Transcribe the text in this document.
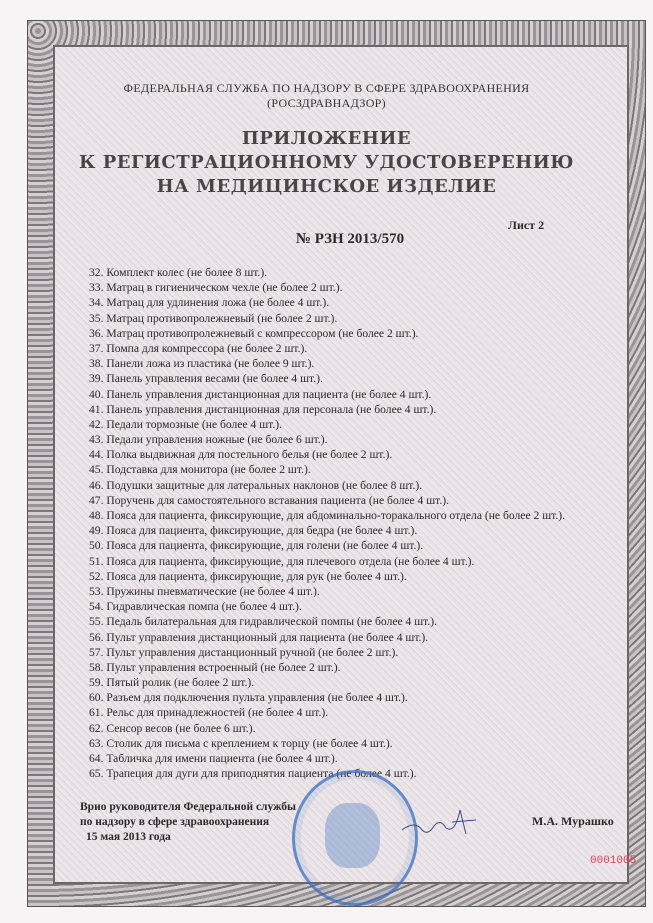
ФЕДЕРАЛЬНАЯ СЛУЖБА ПО НАДЗОРУ В СФЕРЕ ЗДРАВООХРАНЕНИЯ
(РОСЗДРАВНАДЗОР)
ПРИЛОЖЕНИЕ
К РЕГИСТРАЦИОННОМУ УДОСТОВЕРЕНИЮ
НА МЕДИЦИНСКОЕ ИЗДЕЛИЕ
Лист 2
№ РЗН 2013/570
32. Комплект колес (не более 8 шт.).
33. Матрац в гигиеническом чехле (не более 2 шт.).
34. Матрац для удлинения ложа (не более 4 шт.).
35. Матрац противопролежневый (не более 2 шт.).
36. Матрац противопролежневый с компрессором (не более 2 шт.).
37. Помпа для компрессора (не более 2 шт.).
38. Панели ложа из пластика (не более 9 шт.).
39. Панель управления весами (не более 4 шт.).
40. Панель управления дистанционная для пациента (не более 4 шт.).
41. Панель управления дистанционная для персонала (не более 4 шт.).
42. Педали тормозные (не более 4 шт.).
43. Педали управления ножные (не более 6 шт.).
44. Полка выдвижная для постельного белья (не более 2 шт.).
45. Подставка для монитора (не более 2 шт.).
46. Подушки защитные для латеральных наклонов (не более 8 шт.).
47. Поручень для самостоятельного вставания пациента (не более 4 шт.).
48. Пояса для пациента, фиксирующие, для абдоминально-торакального отдела (не более 2 шт.).
49. Пояса для пациента, фиксирующие, для бедра (не более 4 шт.).
50. Пояса для пациента, фиксирующие, для голени (не более 4 шт.).
51. Пояса для пациента, фиксирующие, для плечевого отдела (не более 4 шт.).
52. Пояса для пациента, фиксирующие, для рук (не более 4 шт.).
53. Пружины пневматические (не более 4 шт.).
54. Гидравлическая помпа (не более 4 шт.).
55. Педаль билатеральная для гидравлической помпы (не более 4 шт.).
56. Пульт управления дистанционный для пациента (не более 4 шт.).
57. Пульт управления дистанционный ручной (не более 2 шт.).
58. Пульт управления встроенный (не более 2 шт.).
59. Пятый ролик (не более 2 шт.).
60. Разъем для подключения пульта управления (не более 4 шт.).
61. Рельс для принадлежностей (не более 4 шт.).
62. Сенсор весов (не более 6 шт.).
63. Столик для письма с креплением к торцу (не более 4 шт.).
64. Табличка для имени пациента (не более 4 шт.).
65. Трапеция для дуги для приподнятия пациента (не более 4 шт.).
Врио руководителя Федеральной службы
по надзору в сфере здравоохранения
15 мая 2013 года
М.А. Мурашко
0001005
